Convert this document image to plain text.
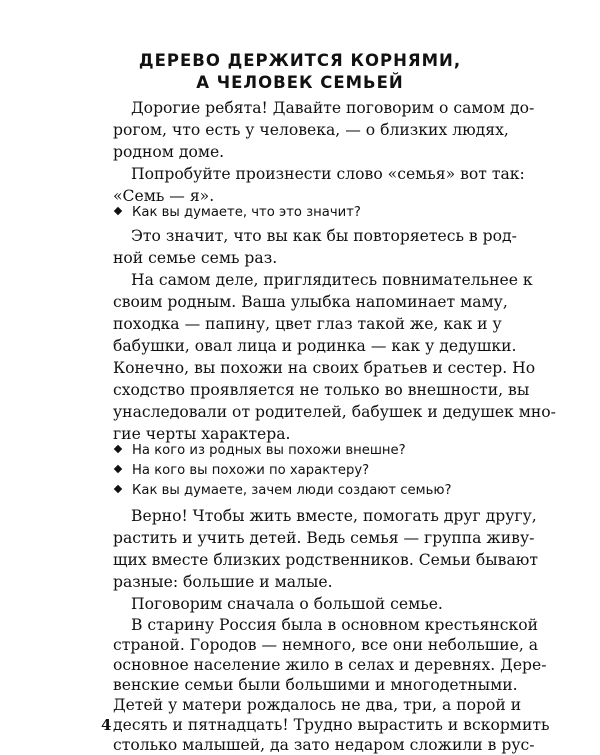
ДЕРЕВО ДЕРЖИТСЯ КОРНЯМИ,
А ЧЕЛОВЕК СЕМЬЕЙ
Дорогие ребята! Давайте поговорим о самом до-
рогом, что есть у человека, — о близких людях,
родном доме.
Попробуйте произнести слово «семья» вот так:
«Семь — я».
Как вы думаете, что это значит?
Это значит, что вы как бы повторяетесь в род-
ной семье семь раз.
На самом деле, приглядитесь повнимательнее к
своим родным. Ваша улыбка напоминает маму,
походка — папину, цвет глаз такой же, как и у
бабушки, овал лица и родинка — как у дедушки.
Конечно, вы похожи на своих братьев и сестер. Но
сходство проявляется не только во внешности, вы
унаследовали от родителей, бабушек и дедушек мно-
гие черты характера.
На кого из родных вы похожи внешне?
На кого вы похожи по характеру?
Как вы думаете, зачем люди создают семью?
Верно! Чтобы жить вместе, помогать друг другу,
растить и учить детей. Ведь семья — группа живу-
щих вместе близких родственников. Семьи бывают
разные: большие и малые.
Поговорим сначала о большой семье.
В старину Россия была в основном крестьянской
страной. Городов — немного, все они небольшие, а
основное население жило в селах и деревнях. Дере-
венские семьи были большими и многодетными.
Детей у матери рождалось не два, три, а порой и
десять и пятнадцать! Трудно вырастить и вскормить
столько малышей, да зато недаром сложили в рус-
4
